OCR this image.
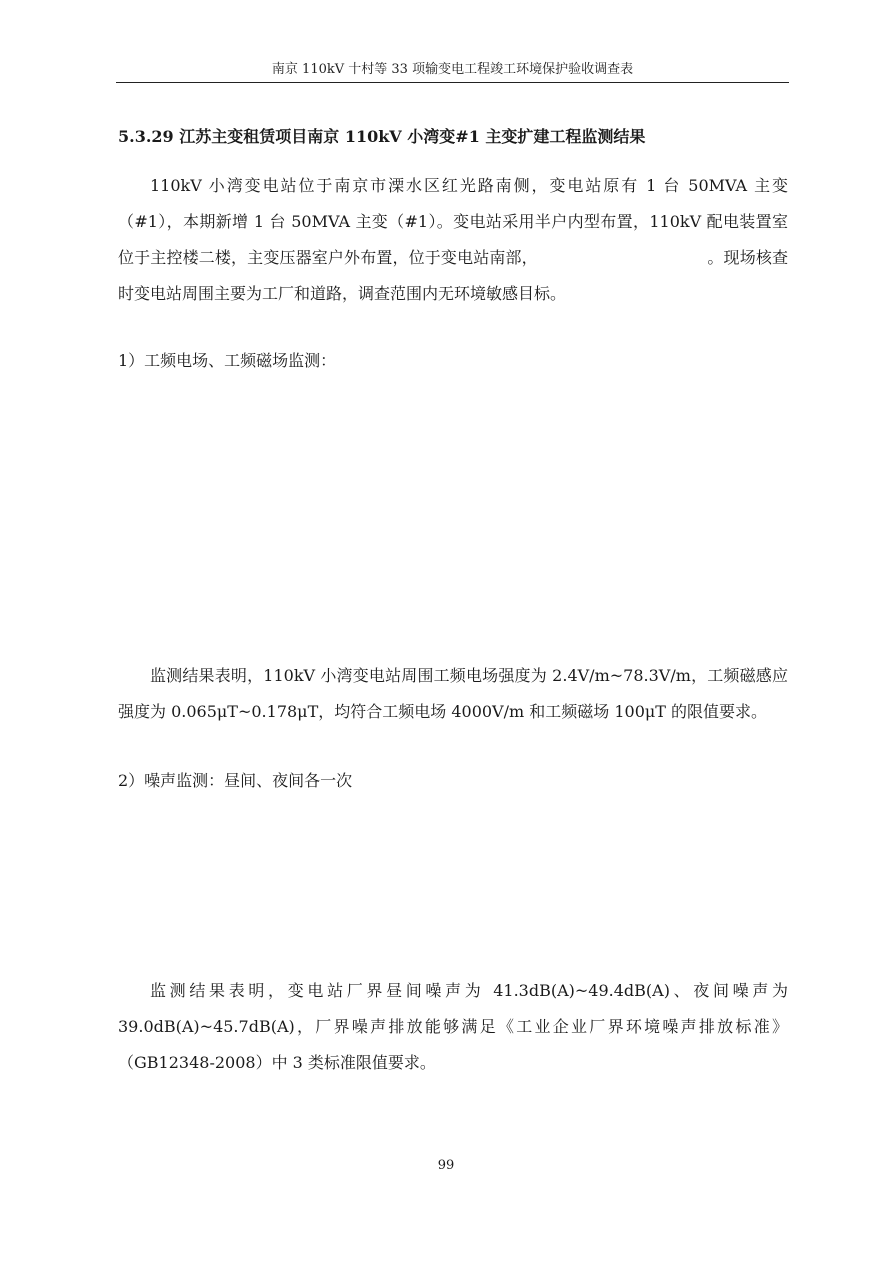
南京 110kV 十村等 33 项输变电工程竣工环境保护验收调查表
5.3.29 江苏主变租赁项目南京 110kV 小湾变#1 主变扩建工程监测结果

110kV 小湾变电站位于南京市溧水区红光路南侧，变电站原有 1 台 50MVA 主变（#1），本期新增 1 台 50MVA 主变（#1）。变电站采用半户内型布置，110kV 配电装置室位于主控楼二楼，主变压器室户外布置，位于变电站南部，　　　　　　　　　　　。现场核查时变电站周围主要为工厂和道路，调查范围内无环境敏感目标。

1）工频电场、工频磁场监测：

监测结果表明，110kV 小湾变电站周围工频电场强度为 2.4V/m~78.3V/m，工频磁感应强度为 0.065μT~0.178μT，均符合工频电场 4000V/m 和工频磁场 100μT 的限值要求。

2）噪声监测：昼间、夜间各一次

监测结果表明，变电站厂界昼间噪声为 41.3dB(A)~49.4dB(A)、夜间噪声为 39.0dB(A)~45.7dB(A)，厂界噪声排放能够满足《工业企业厂界环境噪声排放标准》（GB12348-2008）中 3 类标准限值要求。

99
